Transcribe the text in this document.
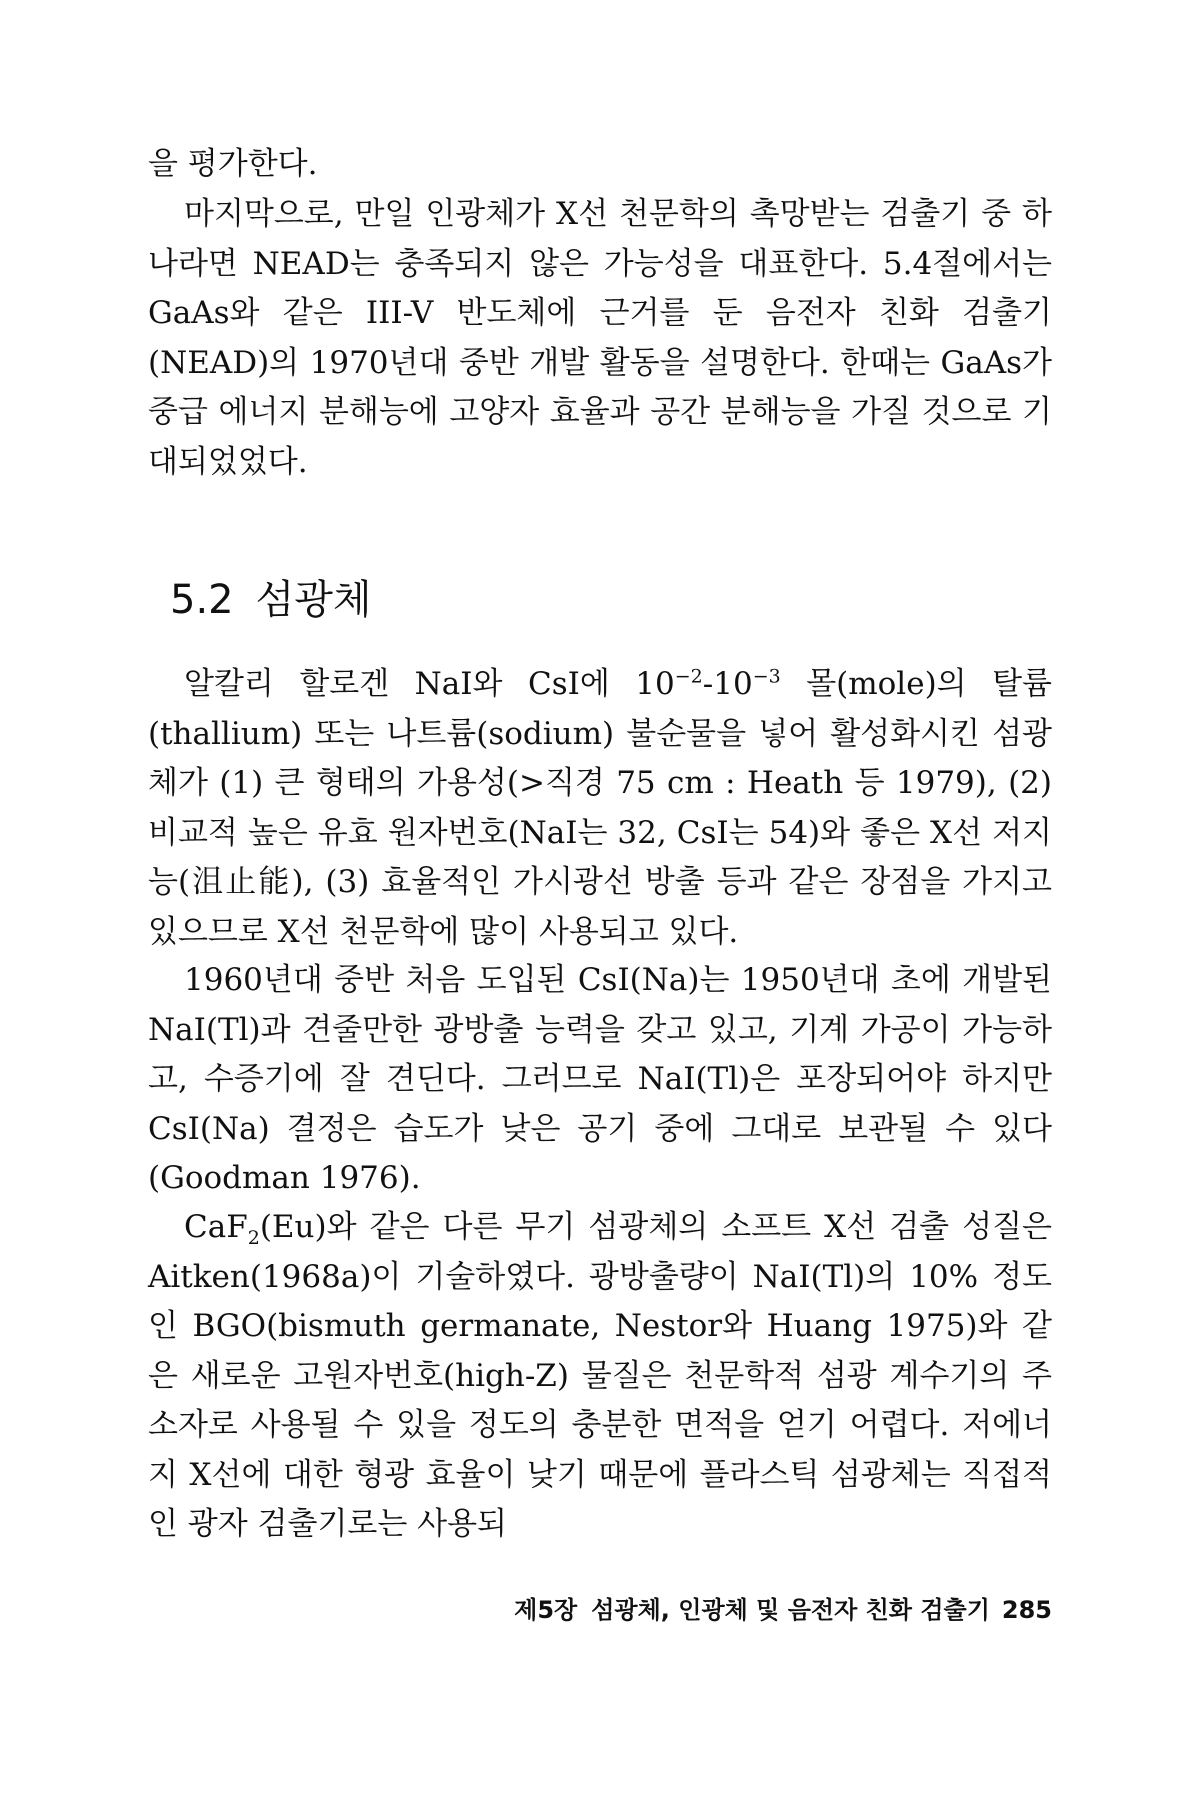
을 평가한다.

마지막으로, 만일 인광체가 X선 천문학의 촉망받는 검출기 중 하나라면 NEAD는 충족되지 않은 가능성을 대표한다. 5.4절에서는 GaAs와 같은 III-V 반도체에 근거를 둔 음전자 친화 검출기(NEAD)의 1970년대 중반 개발 활동을 설명한다. 한때는 GaAs가 중급 에너지 분해능에 고양자 효율과 공간 분해능을 가질 것으로 기대되었었다.

5.2 섬광체

알칼리 할로겐 NaI와 CsI에 $10^{-2}-10^{-3}$ 몰(mole)의 탈륨(thallium) 또는 나트륨(sodium) 불순물을 넣어 활성화시킨 섬광체가 (1) 큰 형태의 가용성(>직경 75 cm : Heath 등 1979), (2) 비교적 높은 유효 원자번호(NaI는 32, CsI는 54)와 좋은 X선 저지능(沮止能), (3) 효율적인 가시광선 방출 등과 같은 장점을 가지고 있으므로 X선 천문학에 많이 사용되고 있다.

1960년대 중반 처음 도입된 CsI(Na)는 1950년대 초에 개발된 NaI(Tl)과 견줄만한 광방출 능력을 갖고 있고, 기계 가공이 가능하고, 수증기에 잘 견딘다. 그러므로 NaI(Tl)은 포장되어야 하지만 CsI(Na) 결정은 습도가 낮은 공기 중에 그대로 보관될 수 있다(Goodman 1976).

CaF$_2$(Eu)와 같은 다른 무기 섬광체의 소프트 X선 검출 성질은 Aitken(1968a)이 기술하였다. 광방출량이 NaI(Tl)의 10% 정도인 BGO(bismuth germanate, Nestor와 Huang 1975)와 같은 새로운 고원자번호(high-Z) 물질은 천문학적 섬광 계수기의 주소자로 사용될 수 있을 정도의 충분한 면적을 얻기 어렵다. 저에너지 X선에 대한 형광 효율이 낮기 때문에 플라스틱 섬광체는 직접적인 광자 검출기로는 사용되

제5장 섬광체, 인광체 및 음전자 친화 검출기 285
